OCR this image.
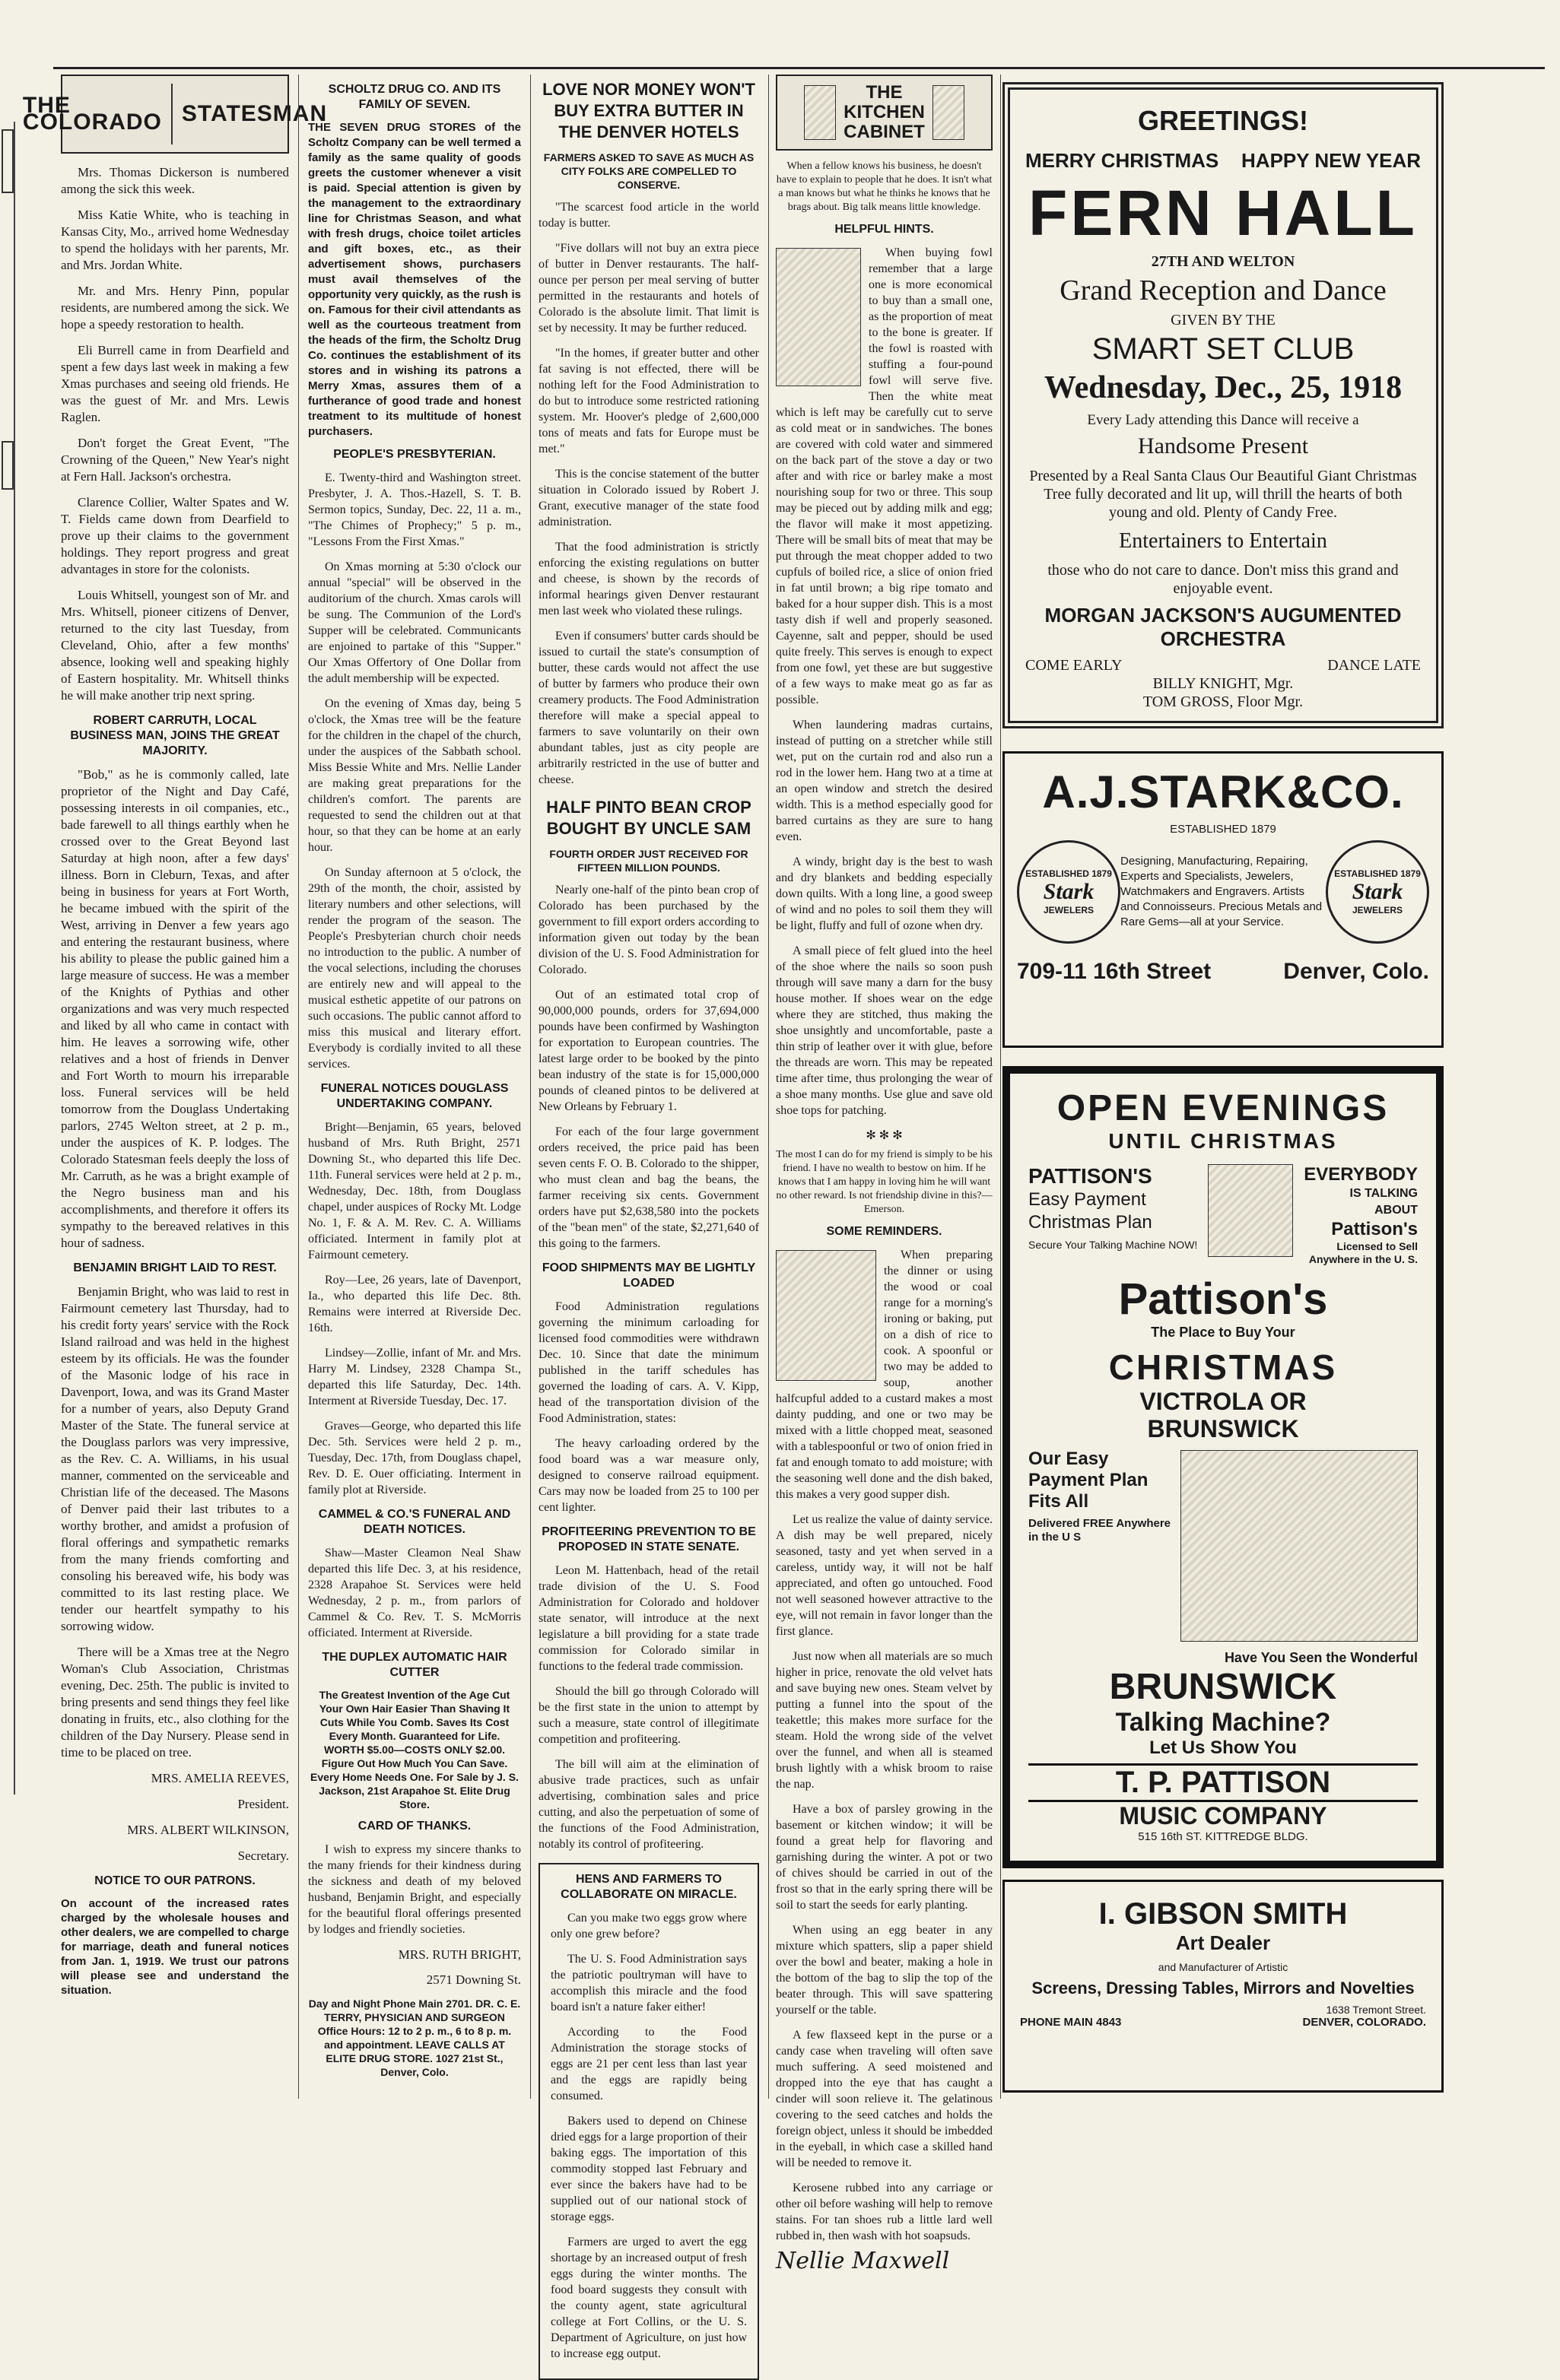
THE COLORADO STATESMAN

Mrs. Thomas Dickerson is numbered among the sick this week.

Miss Katie White, who is teaching in Kansas City, Mo., arrived home Wednesday to spend the holidays with her parents, Mr. and Mrs. Jordan White.

Mr. and Mrs. Henry Pinn, popular residents, are numbered among the sick. We hope a speedy restoration to health.

Eli Burrell came in from Dearfield and spent a few days last week in making a few Xmas purchases and seeing old friends. He was the guest of Mr. and Mrs. Lewis Raglen.

Don't forget the Great Event, "The Crowning of the Queen," New Year's night at Fern Hall. Jackson's orchestra.

Clarence Collier, Walter Spates and W. T. Fields came down from Dearfield to prove up their claims to the government holdings. They report progress and great advantages in store for the colonists.

Louis Whitsell, youngest son of Mr. and Mrs. Whitsell, pioneer citizens of Denver, returned to the city last Tuesday, from Cleveland, Ohio, after a few months' absence, looking well and speaking highly of Eastern hospitality. Mr. Whitsell thinks he will make another trip next spring.

ROBERT CARRUTH, LOCAL BUSINESS MAN, JOINS THE GREAT MAJORITY.

"Bob," as he is commonly called, late proprietor of the Night and Day Café, possessing interests in oil companies, etc., bade farewell to all things earthly when he crossed over to the Great Beyond last Saturday at high noon, after a few days' illness. Born in Cleburn, Texas, and after being in business for years at Fort Worth, he became imbued with the spirit of the West, arriving in Denver a few years ago and entering the restaurant business, where his ability to please the public gained him a large measure of success. He was a member of the Knights of Pythias and other organizations and was very much respected and liked by all who came in contact with him. He leaves a sorrowing wife, other relatives and a host of friends in Denver and Fort Worth to mourn his irreparable loss. Funeral services will be held tomorrow from the Douglass Undertaking parlors, 2745 Welton street, at 2 p. m., under the auspices of K. P. lodges. The Colorado Statesman feels deeply the loss of Mr. Carruth, as he was a bright example of the Negro business man and his accomplishments, and therefore it offers its sympathy to the bereaved relatives in this hour of sadness.

BENJAMIN BRIGHT LAID TO REST.

Benjamin Bright, who was laid to rest in Fairmount cemetery last Thursday, had to his credit forty years' service with the Rock Island railroad and was held in the highest esteem by its officials. He was the founder of the Masonic lodge of his race in Davenport, Iowa, and was its Grand Master for a number of years, also Deputy Grand Master of the State. The funeral service at the Douglass parlors was very impressive, as the Rev. C. A. Williams, in his usual manner, commented on the serviceable and Christian life of the deceased. The Masons of Denver paid their last tributes to a worthy brother, and amidst a profusion of floral offerings and sympathetic remarks from the many friends comforting and consoling his bereaved wife, his body was committed to its last resting place. We tender our heartfelt sympathy to his sorrowing widow.

There will be a Xmas tree at the Negro Woman's Club Association, Christmas evening, Dec. 25th. The public is invited to bring presents and send things they feel like donating in fruits, etc., also clothing for the children of the Day Nursery. Please send in time to be placed on tree.

MRS. AMELIA REEVES,

President.

MRS. ALBERT WILKINSON,

Secretary.

NOTICE TO OUR PATRONS.
On account of the increased rates charged by the wholesale houses and other dealers, we are compelled to charge for marriage, death and funeral notices from Jan. 1, 1919. We trust our patrons will please see and understand the situation.
SCHOLTZ DRUG CO. AND ITS FAMILY OF SEVEN.
THE SEVEN DRUG STORES of the Scholtz Company can be well termed a family as the same quality of goods greets the customer whenever a visit is paid. Special attention is given by the management to the extraordinary line for Christmas Season, and what with fresh drugs, choice toilet articles and gift boxes, etc., as their advertisement shows, purchasers must avail themselves of the opportunity very quickly, as the rush is on. Famous for their civil attendants as well as the courteous treatment from the heads of the firm, the Scholtz Drug Co. continues the establishment of its stores and in wishing its patrons a Merry Xmas, assures them of a furtherance of good trade and honest treatment to its multitude of honest purchasers.
PEOPLE'S PRESBYTERIAN.

E. Twenty-third and Washington street. Presbyter, J. A. Thos.-Hazell, S. T. B. Sermon topics, Sunday, Dec. 22, 11 a. m., "The Chimes of Prophecy;" 5 p. m., "Lessons From the First Xmas."

On Xmas morning at 5:30 o'clock our annual "special" will be observed in the auditorium of the church. Xmas carols will be sung. The Communion of the Lord's Supper will be celebrated. Communicants are enjoined to partake of this "Supper." Our Xmas Offertory of One Dollar from the adult membership will be expected.

On the evening of Xmas day, being 5 o'clock, the Xmas tree will be the feature for the children in the chapel of the church, under the auspices of the Sabbath school. Miss Bessie White and Mrs. Nellie Lander are making great preparations for the children's comfort. The parents are requested to send the children out at that hour, so that they can be home at an early hour.

On Sunday afternoon at 5 o'clock, the 29th of the month, the choir, assisted by literary numbers and other selections, will render the program of the season. The People's Presbyterian church choir needs no introduction to the public. A number of the vocal selections, including the choruses are entirely new and will appeal to the musical esthetic appetite of our patrons on such occasions. The public cannot afford to miss this musical and literary effort. Everybody is cordially invited to all these services.

FUNERAL NOTICES DOUGLASS UNDERTAKING COMPANY.

Bright—Benjamin, 65 years, beloved husband of Mrs. Ruth Bright, 2571 Downing St., who departed this life Dec. 11th. Funeral services were held at 2 p. m., Wednesday, Dec. 18th, from Douglass chapel, under auspices of Rocky Mt. Lodge No. 1, F. & A. M. Rev. C. A. Williams officiated. Interment in family plot at Fairmount cemetery.

Roy—Lee, 26 years, late of Davenport, Ia., who departed this life Dec. 8th. Remains were interred at Riverside Dec. 16th.

Lindsey—Zollie, infant of Mr. and Mrs. Harry M. Lindsey, 2328 Champa St., departed this life Saturday, Dec. 14th. Interment at Riverside Tuesday, Dec. 17.

Graves—George, who departed this life Dec. 5th. Services were held 2 p. m., Tuesday, Dec. 17th, from Douglass chapel, Rev. D. E. Ouer officiating. Interment in family plot at Riverside.

CAMMEL & CO.'S FUNERAL AND DEATH NOTICES.

Shaw—Master Cleamon Neal Shaw departed this life Dec. 3, at his residence, 2328 Arapahoe St. Services were held Wednesday, 2 p. m., from parlors of Cammel & Co. Rev. T. S. McMorris officiated. Interment at Riverside.

THE DUPLEX AUTOMATIC HAIR CUTTER
The Greatest Invention of the Age Cut Your Own Hair Easier Than Shaving It Cuts While You Comb. Saves Its Cost Every Month. Guaranteed for Life. WORTH $5.00—COSTS ONLY $2.00. Figure Out How Much You Can Save. Every Home Needs One. For Sale by J. S. Jackson, 21st Arapahoe St. Elite Drug Store.
CARD OF THANKS.

I wish to express my sincere thanks to the many friends for their kindness during the sickness and death of my beloved husband, Benjamin Bright, and especially for the beautiful floral offerings presented by lodges and friendly societies.

MRS. RUTH BRIGHT,

2571 Downing St.

Day and Night Phone Main 2701. DR. C. E. TERRY, PHYSICIAN AND SURGEON Office Hours: 12 to 2 p. m., 6 to 8 p. m. and appointment. LEAVE CALLS AT ELITE DRUG STORE. 1027 21st St., Denver, Colo.
LOVE NOR MONEY WON'T BUY EXTRA BUTTER IN THE DENVER HOTELS
FARMERS ASKED TO SAVE AS MUCH AS CITY FOLKS ARE COMPELLED TO CONSERVE.

"The scarcest food article in the world today is butter.

"Five dollars will not buy an extra piece of butter in Denver restaurants. The half-ounce per person per meal serving of butter permitted in the restaurants and hotels of Colorado is the absolute limit. That limit is set by necessity. It may be further reduced.

"In the homes, if greater butter and other fat saving is not effected, there will be nothing left for the Food Administration to do but to introduce some restricted rationing system. Mr. Hoover's pledge of 2,600,000 tons of meats and fats for Europe must be met."

This is the concise statement of the butter situation in Colorado issued by Robert J. Grant, executive manager of the state food administration.

That the food administration is strictly enforcing the existing regulations on butter and cheese, is shown by the records of informal hearings given Denver restaurant men last week who violated these rulings.

Even if consumers' butter cards should be issued to curtail the state's consumption of butter, these cards would not affect the use of butter by farmers who produce their own creamery products. The Food Administration therefore will make a special appeal to farmers to save voluntarily on their own abundant tables, just as city people are arbitrarily restricted in the use of butter and cheese.

HALF PINTO BEAN CROP BOUGHT BY UNCLE SAM
FOURTH ORDER JUST RECEIVED FOR FIFTEEN MILLION POUNDS.

Nearly one-half of the pinto bean crop of Colorado has been purchased by the government to fill export orders according to information given out today by the bean division of the U. S. Food Administration for Colorado.

Out of an estimated total crop of 90,000,000 pounds, orders for 37,694,000 pounds have been confirmed by Washington for exportation to European countries. The latest large order to be booked by the pinto bean industry of the state is for 15,000,000 pounds of cleaned pintos to be delivered at New Orleans by February 1.

For each of the four large government orders received, the price paid has been seven cents F. O. B. Colorado to the shipper, who must clean and bag the beans, the farmer receiving six cents. Government orders have put $2,638,580 into the pockets of the "bean men" of the state, $2,271,640 of this going to the farmers.

FOOD SHIPMENTS MAY BE LIGHTLY LOADED

Food Administration regulations governing the minimum carloading for licensed food commodities were withdrawn Dec. 10. Since that date the minimum published in the tariff schedules has governed the loading of cars. A. V. Kipp, head of the transportation division of the Food Administration, states:

The heavy carloading ordered by the food board was a war measure only, designed to conserve railroad equipment. Cars may now be loaded from 25 to 100 per cent lighter.

PROFITEERING PREVENTION TO BE PROPOSED IN STATE SENATE.

Leon M. Hattenbach, head of the retail trade division of the U. S. Food Administration for Colorado and holdover state senator, will introduce at the next legislature a bill providing for a state trade commission for Colorado similar in functions to the federal trade commission.

Should the bill go through Colorado will be the first state in the union to attempt by such a measure, state control of illegitimate competition and profiteering.

The bill will aim at the elimination of abusive trade practices, such as unfair advertising, combination sales and price cutting, and also the perpetuation of some of the functions of the Food Administration, notably its control of profiteering.

HENS AND FARMERS TO COLLABORATE ON MIRACLE.

Can you make two eggs grow where only one grew before?

The U. S. Food Administration says the patriotic poultryman will have to accomplish this miracle and the food board isn't a nature faker either!

According to the Food Administration the storage stocks of eggs are 21 per cent less than last year and the eggs are rapidly being consumed.

Bakers used to depend on Chinese dried eggs for a large proportion of their baking eggs. The importation of this commodity stopped last February and ever since the bakers have had to be supplied out of our national stock of storage eggs.

Farmers are urged to avert the egg shortage by an increased output of fresh eggs during the winter months. The food board suggests they consult with the county agent, state agricultural college at Fort Collins, or the U. S. Department of Agriculture, on just how to increase egg output.

THE
KITCHEN
CABINET
When a fellow knows his business, he doesn't have to explain to people that he does. It isn't what a man knows but what he thinks he knows that he brags about. Big talk means little knowledge.
HELPFUL HINTS.

When buying fowl remember that a large one is more economical to buy than a small one, as the proportion of meat to the bone is greater. If the fowl is roasted with stuffing a four-pound fowl will serve five. Then the white meat which is left may be carefully cut to serve as cold meat or in sandwiches. The bones are covered with cold water and simmered on the back part of the stove a day or two after and with rice or barley make a most nourishing soup for two or three. This soup may be pieced out by adding milk and egg; the flavor will make it most appetizing. There will be small bits of meat that may be put through the meat chopper added to two cupfuls of boiled rice, a slice of onion fried in fat until brown; a big ripe tomato and baked for a hour supper dish. This is a most tasty dish if well and properly seasoned. Cayenne, salt and pepper, should be used quite freely. This serves is enough to expect from one fowl, yet these are but suggestive of a few ways to make meat go as far as possible.

When laundering madras curtains, instead of putting on a stretcher while still wet, put on the curtain rod and also run a rod in the lower hem. Hang two at a time at an open window and stretch the desired width. This is a method especially good for barred curtains as they are sure to hang even.

A windy, bright day is the best to wash and dry blankets and bedding especially down quilts. With a long line, a good sweep of wind and no poles to soil them they will be light, fluffy and full of ozone when dry.

A small piece of felt glued into the heel of the shoe where the nails so soon push through will save many a darn for the busy house mother. If shoes wear on the edge where they are stitched, thus making the shoe unsightly and uncomfortable, paste a thin strip of leather over it with glue, before the threads are worn. This may be repeated time after time, thus prolonging the wear of a shoe many months. Use glue and save old shoe tops for patching.

✻ ✻ ✻
The most I can do for my friend is simply to be his friend. I have no wealth to bestow on him. If he knows that I am happy in loving him he will want no other reward. Is not friendship divine in this?—Emerson.
SOME REMINDERS.

When preparing the dinner or using the wood or coal range for a morning's ironing or baking, put on a dish of rice to cook. A spoonful or two may be added to soup, another halfcupful added to a custard makes a most dainty pudding, and one or two may be mixed with a little chopped meat, seasoned with a tablespoonful or two of onion fried in fat and enough tomato to add moisture; with the seasoning well done and the dish baked, this makes a very good supper dish.

Let us realize the value of dainty service. A dish may be well prepared, nicely seasoned, tasty and yet when served in a careless, untidy way, it will not be half appreciated, and often go untouched. Food not well seasoned however attractive to the eye, will not remain in favor longer than the first glance.

Just now when all materials are so much higher in price, renovate the old velvet hats and save buying new ones. Steam velvet by putting a funnel into the spout of the teakettle; this makes more surface for the steam. Hold the wrong side of the velvet over the funnel, and when all is steamed brush lightly with a whisk broom to raise the nap.

Have a box of parsley growing in the basement or kitchen window; it will be found a great help for flavoring and garnishing during the winter. A pot or two of chives should be carried in out of the frost so that in the early spring there will be soil to start the seeds for early planting.

When using an egg beater in any mixture which spatters, slip a paper shield over the bowl and beater, making a hole in the bottom of the bag to slip the top of the beater through. This will save spattering yourself or the table.

A few flaxseed kept in the purse or a candy case when traveling will often save much suffering. A seed moistened and dropped into the eye that has caught a cinder will soon relieve it. The gelatinous covering to the seed catches and holds the foreign object, unless it should be imbedded in the eyeball, in which case a skilled hand will be needed to remove it.

Kerosene rubbed into any carriage or other oil before washing will help to remove stains. For tan shoes rub a little lard well rubbed in, then wash with hot soapsuds.

Nellie Maxwell
GREETINGS!
MERRY CHRISTMAS HAPPY NEW YEAR
FERN HALL
27TH AND WELTON
Grand Reception and Dance
GIVEN BY THE
SMART SET CLUB
Wednesday, Dec., 25, 1918
Every Lady attending this Dance will receive a
Handsome Present
Presented by a Real Santa Claus Our Beautiful Giant Christmas Tree fully decorated and lit up, will thrill the hearts of both young and old. Plenty of Candy Free.
Entertainers to Entertain
those who do not care to dance. Don't miss this grand and enjoyable event.
MORGAN JACKSON'S AUGUMENTED ORCHESTRA
COME EARLY	DANCE LATE
BILLY KNIGHT, Mgr.
TOM GROSS, Floor Mgr.
A.J.STARK&CO.
ESTABLISHED 1879
ESTABLISHED 1879
Stark
JEWELERS
Designing, Manufacturing, Repairing, Experts and Specialists, Jewelers, Watchmakers and Engravers. Artists and Connoisseurs. Precious Metals and Rare Gems—all at your Service.
ESTABLISHED 1879
Stark
JEWELERS
709-11 16th Street	Denver, Colo.
OPEN EVENINGS
UNTIL CHRISTMAS
PATTISON'S
Easy Payment
Christmas Plan
Secure Your Talking Machine NOW!
EVERYBODY
IS TALKING
ABOUT
Pattison's
Licensed to Sell Anywhere in the U. S.
Pattison's
The Place to Buy Your
CHRISTMAS
VICTROLA OR
BRUNSWICK
Our Easy Payment Plan Fits All
Delivered FREE Anywhere in the U S
Have You Seen the Wonderful
BRUNSWICK
Talking Machine?
Let Us Show You
T. P. PATTISON
MUSIC COMPANY
515 16th ST. KITTREDGE BLDG.
I. GIBSON SMITH
Art Dealer
and Manufacturer of Artistic
Screens, Dressing Tables, Mirrors and Novelties
1638 Tremont Street.
PHONE MAIN 4843	DENVER, COLORADO.
